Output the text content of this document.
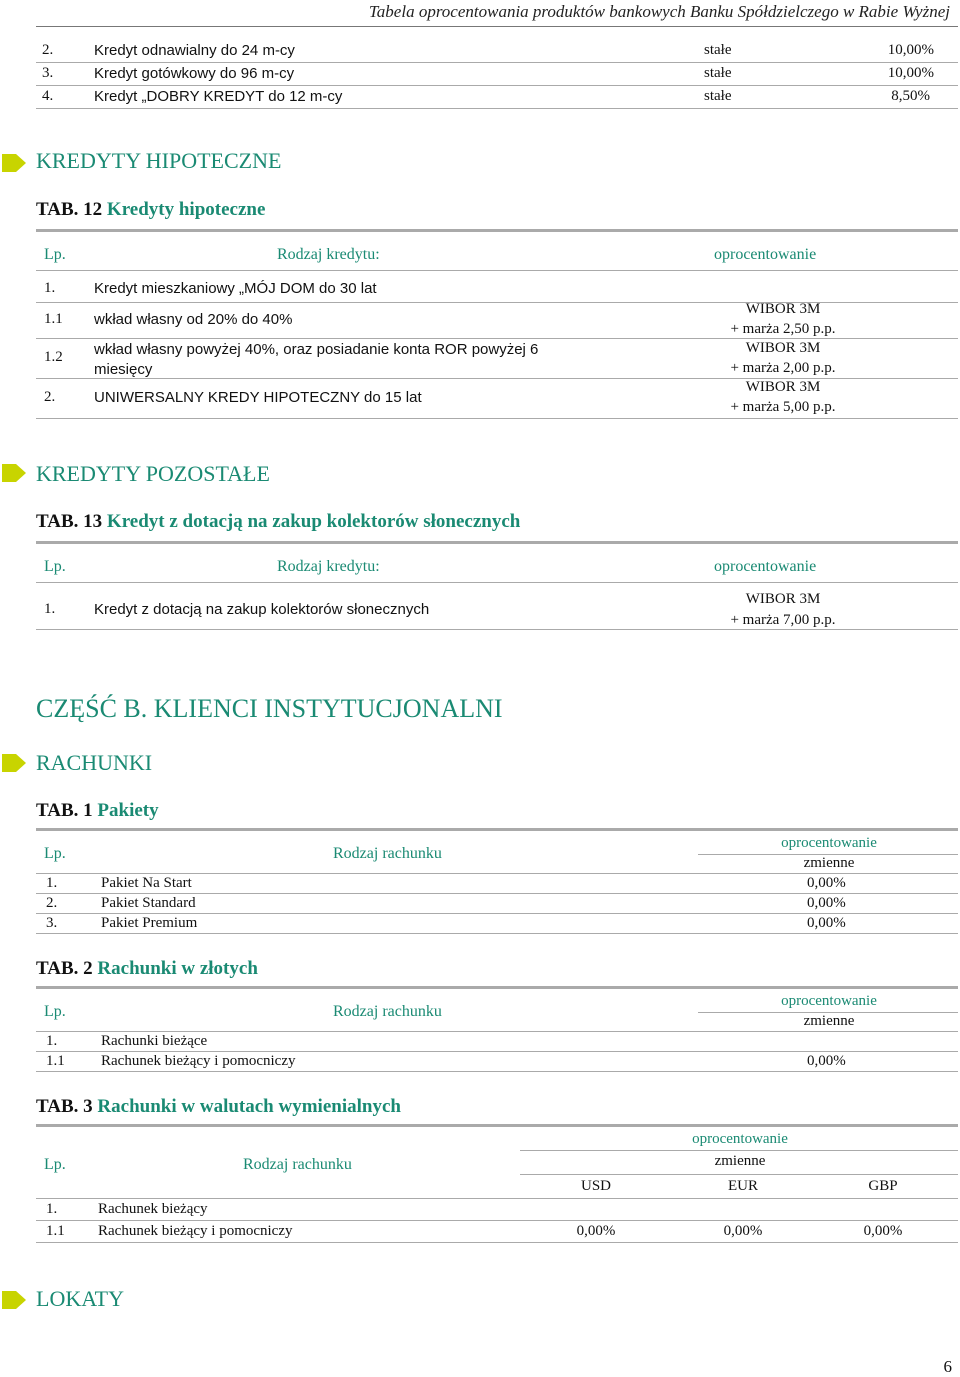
Tabela oprocentowania produktów bankowych Banku Spółdzielczego w Rabie Wyżnej
2.	Kredyt odnawialny do 24 m-cy	stałe	10,00%
3.	Kredyt gotówkowy do 96 m-cy	stałe	10,00%
4.	Kredyt „DOBRY KREDYT do 12 m-cy	stałe	8,50%
KREDYTY HIPOTECZNE
TAB. 12 Kredyty hipoteczne
Lp.	Rodzaj kredytu:	oprocentowanie
1.	Kredyt mieszkaniowy „MÓJ DOM do 30 lat
1.1 wkład własny od 20% do 40%
WIBOR 3M
+ marża 2,50 p.p.
1.2 wkład własny powyżej 40%, oraz posiadanie konta ROR powyżej 6 miesięcy
WIBOR 3M
+ marża 2,00 p.p.
2.	UNIWERSALNY KREDY HIPOTECZNY do 15 lat
WIBOR 3M
+ marża 5,00 p.p.
KREDYTY POZOSTAŁE
TAB. 13 Kredyt z dotacją na zakup kolektorów słonecznych
Lp.	Rodzaj kredytu:	oprocentowanie
1.	Kredyt z dotacją na zakup kolektorów słonecznych
WIBOR 3M
+ marża 7,00 p.p.
CZĘŚĆ B. KLIENCI INSTYTUCJONALNI
RACHUNKI
TAB. 1 Pakiety
Lp.	Rodzaj rachunku
oprocentowanie
zmienne
1.	Pakiet Na Start	0,00%
2.	Pakiet Standard	0,00%
3.	Pakiet Premium	0,00%
TAB. 2 Rachunki w złotych
Lp.	Rodzaj rachunku
oprocentowanie
zmienne
1.	Rachunki bieżące
1.1 Rachunek bieżący i pomocniczy	0,00%
TAB. 3 Rachunki w walutach wymienialnych
Lp.	Rodzaj rachunku
oprocentowanie
zmienne
USD	EUR	GBP
1.	Rachunek bieżący
1.1 Rachunek bieżący i pomocniczy	0,00%	0,00%	0,00%
LOKATY
6
